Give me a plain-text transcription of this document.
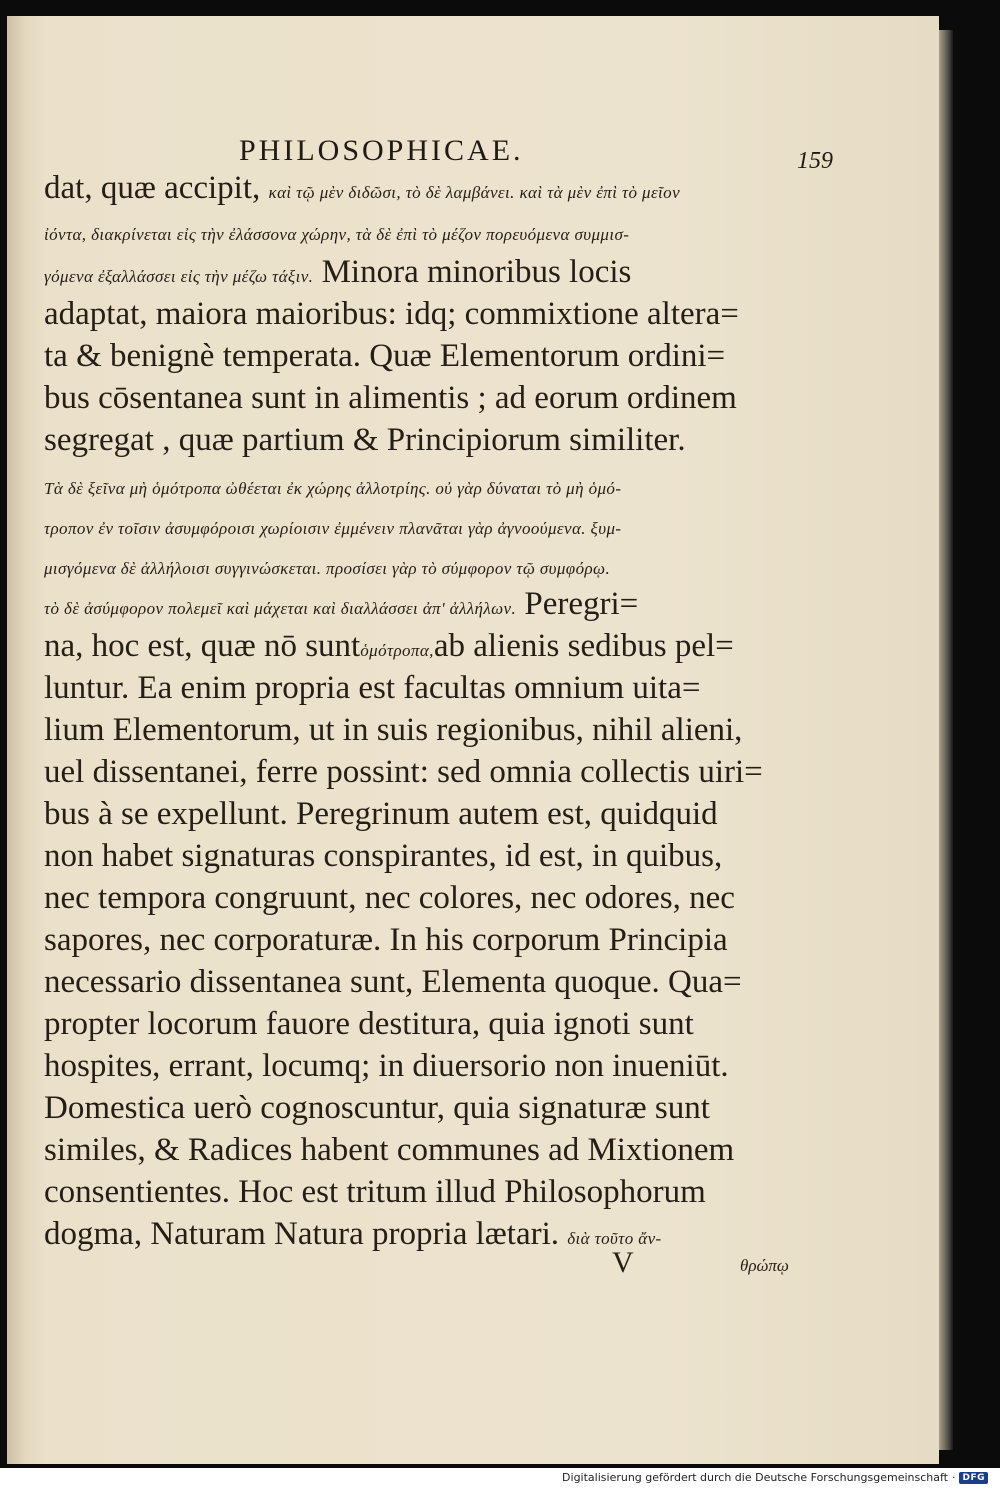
PHILOSOPHICAE.	159
dat, quæ accipit, καὶ τῷ μὲν διδῶσι, τὸ δὲ λαμβάνει. καὶ τὰ μὲν ἐπὶ τὸ μεῖον
ἰόντα, διακρίνεται εἰς τὴν ἐλάσσονα χώρην, τὰ δὲ ἐπὶ τὸ μέζον πορευόμενα συμμισ-
γόμενα ἐξαλλάσσει εἰς τὴν μέζω τάξιν. Minora minoribus locis
adaptat, maiora maioribus: idq; commixtione altera=
ta & benignè temperata. Quæ Elementorum ordini=
bus cōsentanea sunt in alimentis ; ad eorum ordinem
segregat , quæ partium & Principiorum similiter.
Τὰ δὲ ξεῖνα μὴ ὁμότροπα ὠθέεται ἐκ χώρης ἀλλοτρίης. οὐ γὰρ δύναται τὸ μὴ ὁμό-
τροπον ἐν τοῖσιν ἀσυμφόροισι χωρίοισιν ἐμμένειν πλανᾶται γὰρ ἀγνοούμενα. ξυμ-
μισγόμενα δὲ ἀλλήλοισι συγγινώσκεται. προσίσει γὰρ τὸ σύμφορον τῷ συμφόρῳ.
τὸ δὲ ἀσύμφορον πολεμεῖ καὶ μάχεται καὶ διαλλάσσει ἀπ' ἀλλήλων. Peregri=
na, hoc est, quæ nō suntὁμότροπα,ab alienis sedibus pel=
luntur. Ea enim propria est facultas omnium uita=
lium Elementorum, ut in suis regionibus, nihil alieni,
uel dissentanei, ferre possint: sed omnia collectis uiri=
bus à se expellunt. Peregrinum autem est, quidquid
non habet signaturas conspirantes, id est, in quibus,
nec tempora congruunt, nec colores, nec odores, nec
sapores, nec corporaturæ. In his corporum Principia
necessario dissentanea sunt, Elementa quoque. Qua=
propter locorum fauore destitura, quia ignoti sunt
hospites, errant, locumq; in diuersorio non inueniūt.
Domestica uerò cognoscuntur, quia signaturæ sunt
similes, & Radices habent communes ad Mixtionem
consentientes. Hoc est tritum illud Philosophorum
dogma, Naturam Natura propria lætari. διὰ τοῦτο ἄν-
V	θρώπῳ
Digitalisierung gefördert durch die Deutsche Forschungsgemeinschaft · DFG
